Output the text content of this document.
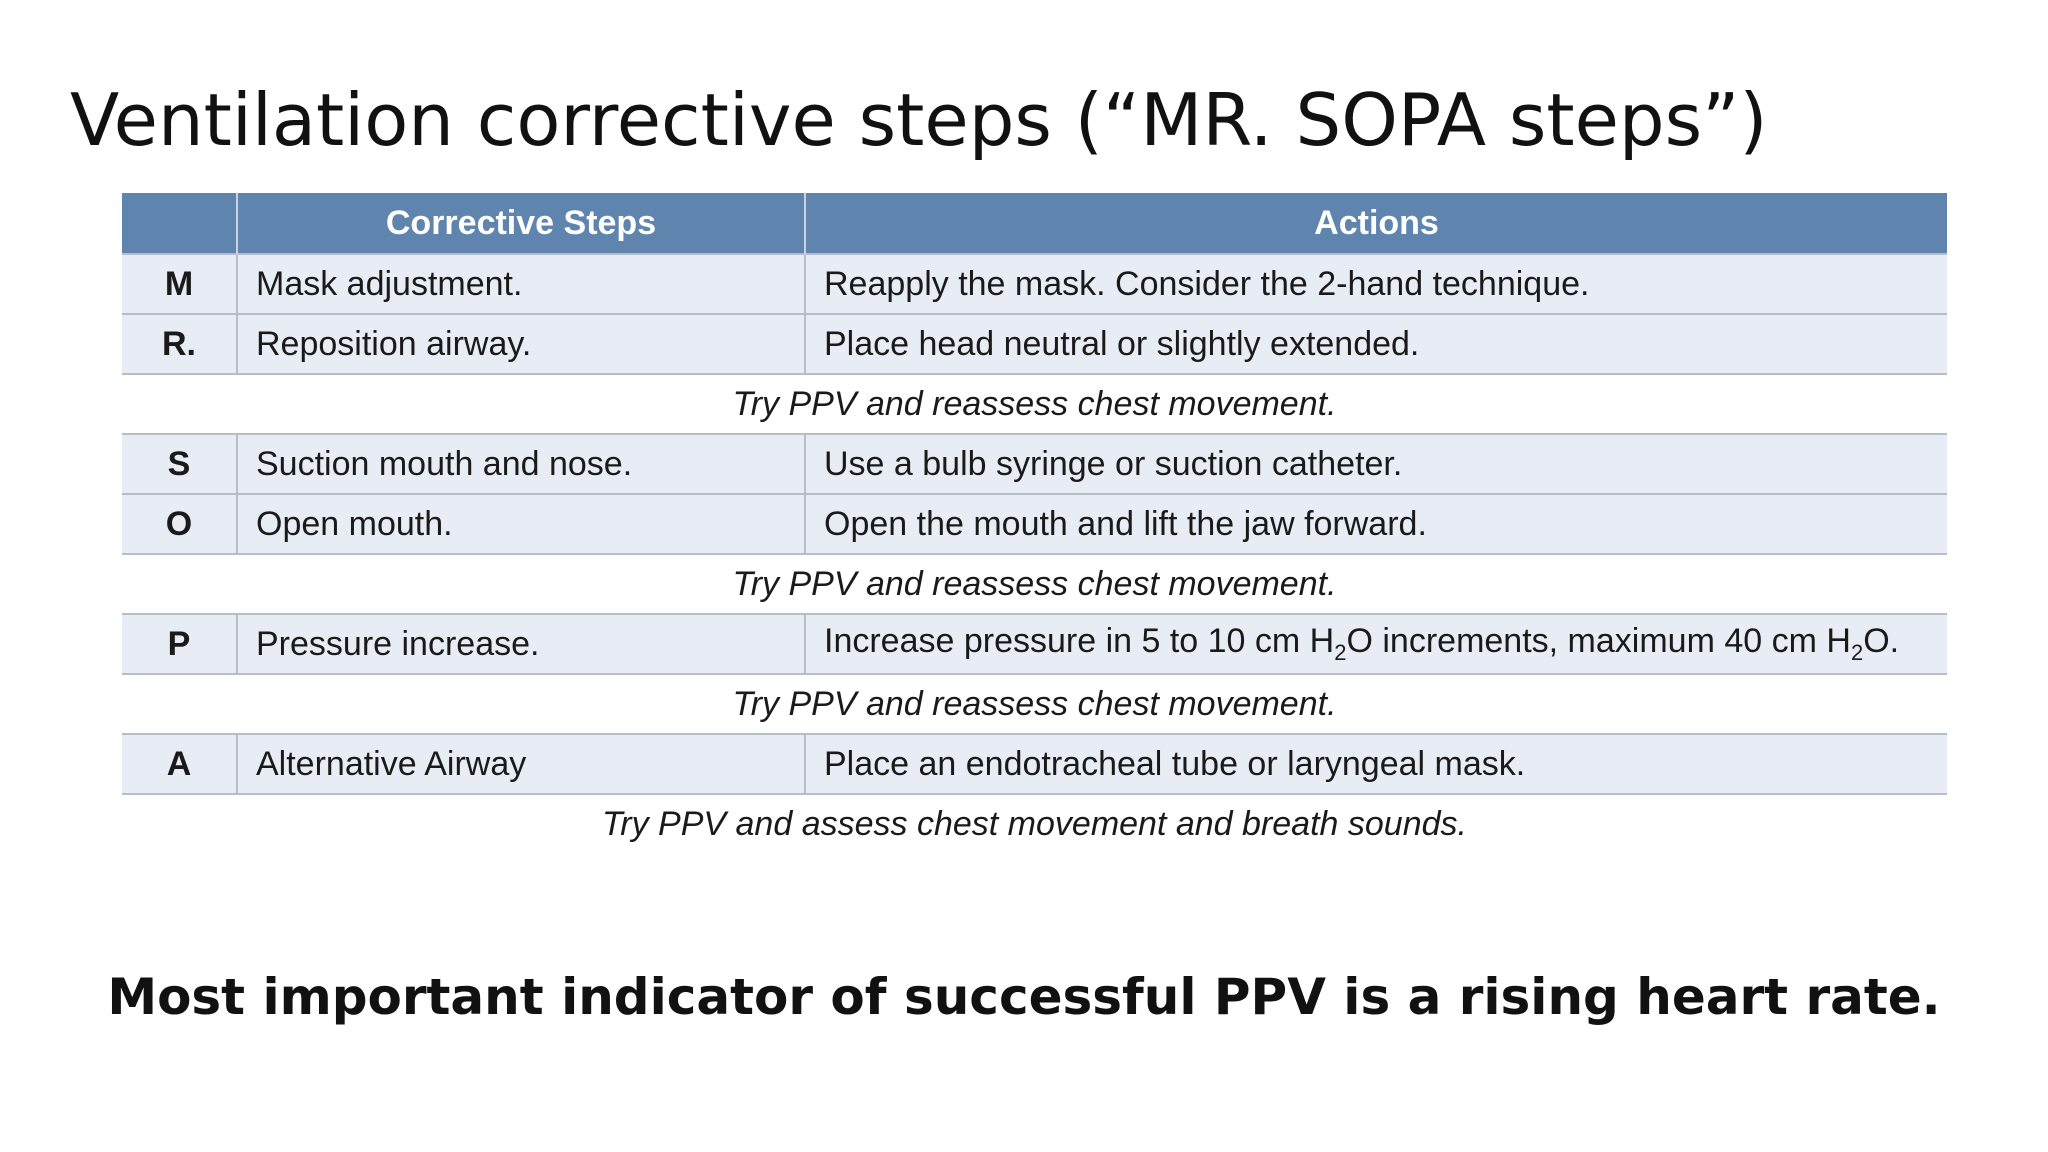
Ventilation corrective steps (“MR. SOPA steps”)
	Corrective Steps	Actions
M	Mask adjustment.	Reapply the mask. Consider the 2-hand technique.
R.	Reposition airway.	Place head neutral or slightly extended.
Try PPV and reassess chest movement.		
S	Suction mouth and nose.	Use a bulb syringe or suction catheter.
O	Open mouth.	Open the mouth and lift the jaw forward.
Try PPV and reassess chest movement.		
P	Pressure increase.	Increase pressure in 5 to 10 cm $H_2O$ increments, maximum 40 cm $H_2O$.
Try PPV and reassess chest movement.		
A	Alternative Airway	Place an endotracheal tube or laryngeal mask.
Try PPV and assess chest movement and breath sounds.		
Most important indicator of successful PPV is a rising heart rate.
